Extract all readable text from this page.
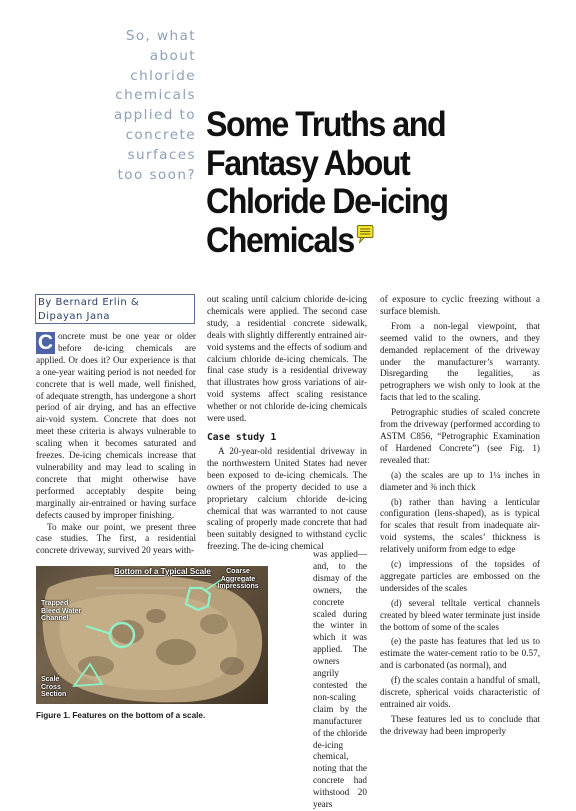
So, what
about
chloride
chemicals
applied to
concrete
surfaces
too soon?
Some Truths and
Fantasy About
Chloride De-icing
Chemicals
By Bernard Erlin &
Dipayan Jana

C oncrete must be one year or older before de-icing chemicals are applied. Or does it? Our experience is that a one-year waiting period is not needed for concrete that is well made, well finished, of adequate strength, has undergone a short period of air drying, and has an effective air-void system. Concrete that does not meet these criteria is always vulnerable to scaling when it becomes saturated and freezes. De-icing chemicals increase that vulnerability and may lead to scaling in concrete that might otherwise have performed acceptably despite being marginally air-entrained or having surface defects caused by improper finishing.

To make our point, we present three case studies. The first, a residential concrete driveway, survived 20 years with-

out scaling until calcium chloride de-icing chemicals were applied. The second case study, a residential concrete sidewalk, deals with slightly differently entrained air-void systems and the effects of sodium and calcium chloride de-icing chemicals. The final case study is a residential driveway that illustrates how gross variations of air-void systems affect scaling resistance whether or not chloride de-icing chemicals were used.

Case study 1

A 20-year-old residential driveway in the northwestern United States had never been exposed to de-icing chemicals. The owners of the property decided to use a proprietary calcium chloride de-icing chemical that was warranted to not cause scaling of properly made concrete that had been suitably designed to withstand cyclic freezing. The de-icing chemical

was applied—and, to the dismay of the owners, the concrete scaled during the winter in which it was applied. The owners angrily contested the non-scaling claim by the manufacturer of the chloride de-icing chemical, noting that the concrete had withstood 20 years

of exposure to cyclic freezing without a surface blemish.

From a non-legal viewpoint, that seemed valid to the owners, and they demanded replacement of the driveway under the manufacturer’s warranty. Disregarding the legalities, as petrographers we wish only to look at the facts that led to the scaling.

Petrographic studies of scaled concrete from the driveway (performed according to ASTM C856, “Petrographic Examination of Hardened Concrete”) (see Fig. 1) revealed that:

(a) the scales are up to 1¼ inches in diameter and ⅜ inch thick

(b) rather than having a lenticular configuration (lens-shaped), as is typical for scales that result from inadequate air-void systems, the scales’ thickness is relatively uniform from edge to edge

(c) impressions of the topsides of aggregate particles are embossed on the undersides of the scales

(d) several telltale vertical channels created by bleed water terminate just inside the bottom of some of the scales

(e) the paste has features that led us to estimate the water-cement ratio to be 0.57, and is carbonated (as normal), and

(f) the scales contain a handful of small, discrete, spherical voids characteristic of entrained air voids.

These features led us to conclude that the driveway had been improperly

Bottom of a Typical Scale	Coarse Aggregate
Impressions
Trapped
Bleed Water
Channel
Scale
Cross
Section
Figure 1. Features on the bottom of a scale.
